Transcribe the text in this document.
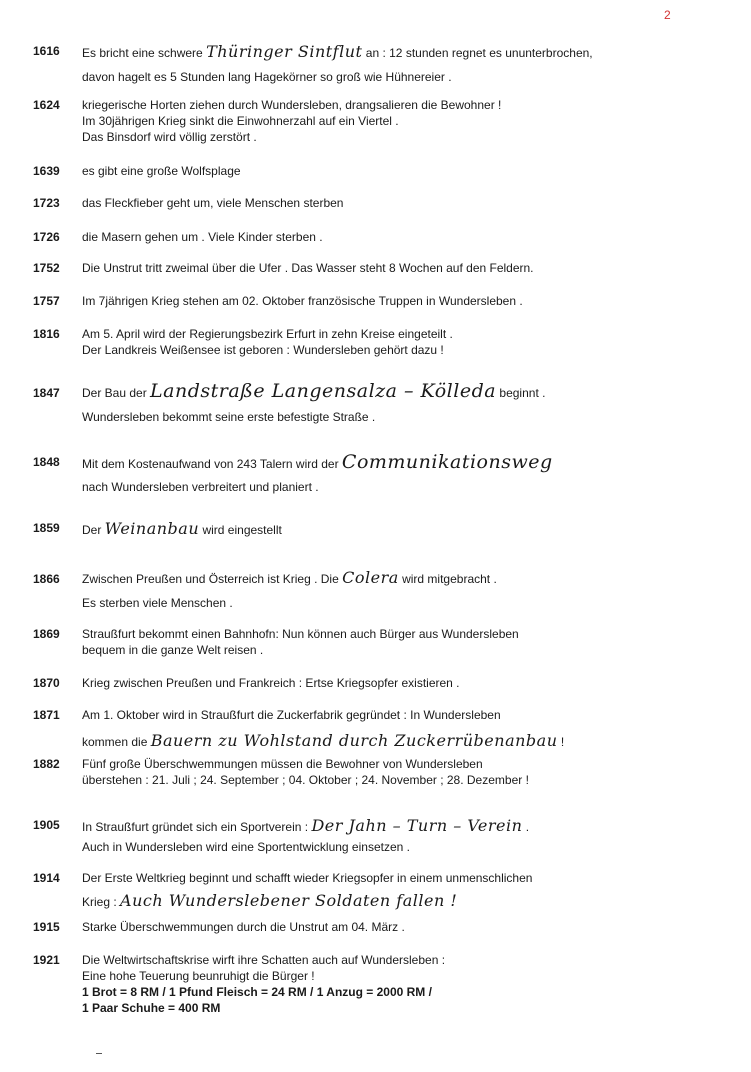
2
1616 Es bricht eine schwere Thüringer Sintflut an : 12 stunden regnet es ununterbrochen,
davon hagelt es 5 Stunden lang Hagekörner so groß wie Hühnereier .
1624 kriegerische Horten ziehen durch Wundersleben, drangsalieren die Bewohner !
Im 30jährigen Krieg sinkt die Einwohnerzahl auf ein Viertel .
Das Binsdorf wird völlig zerstört .
1639 es gibt eine große Wolfsplage
1723 das Fleckfieber geht um, viele Menschen sterben
1726 die Masern gehen um . Viele Kinder sterben .
1752 Die Unstrut tritt zweimal über die Ufer . Das Wasser steht 8 Wochen auf den Feldern.
1757 Im 7jährigen Krieg stehen am 02. Oktober französische Truppen in Wundersleben .
1816 Am 5. April wird der Regierungsbezirk Erfurt in zehn Kreise eingeteilt .
Der Landkreis Weißensee ist geboren : Wundersleben gehört dazu !
1847 Der Bau der Landstraße Langensalza – Kölleda beginnt .
Wundersleben bekommt seine erste befestigte Straße .
1848 Mit dem Kostenaufwand von 243 Talern wird der Communikationsweg
nach Wundersleben verbreitert und planiert .
1859 Der Weinanbau wird eingestellt
1866 Zwischen Preußen und Österreich ist Krieg . Die Colera wird mitgebracht .
Es sterben viele Menschen .
1869 Straußfurt bekommt einen Bahnhofn: Nun können auch Bürger aus Wundersleben
bequem in die ganze Welt reisen .
1870 Krieg zwischen Preußen und Frankreich : Ertse Kriegsopfer existieren .
1871 Am 1. Oktober wird in Straußfurt die Zuckerfabrik gegründet : In Wundersleben
kommen die Bauern zu Wohlstand durch Zuckerrübenanbau !
1882 Fünf große Überschwemmungen müssen die Bewohner von Wundersleben
überstehen : 21. Juli ; 24. September ; 04. Oktober ; 24. November ; 28. Dezember !
1905 In Straußfurt gründet sich ein Sportverein : Der Jahn – Turn – Verein .
Auch in Wundersleben wird eine Sportentwicklung einsetzen .
1914 Der Erste Weltkrieg beginnt und schafft wieder Kriegsopfer in einem unmenschlichen
Krieg : Auch Wunderslebener Soldaten fallen !
1915 Starke Überschwemmungen durch die Unstrut am 04. März .
1921 Die Weltwirtschaftskrise wirft ihre Schatten auch auf Wundersleben :
Eine hohe Teuerung beunruhigt die Bürger !
1 Brot = 8 RM / 1 Pfund Fleisch = 24 RM / 1 Anzug = 2000 RM /
1 Paar Schuhe = 400 RM
